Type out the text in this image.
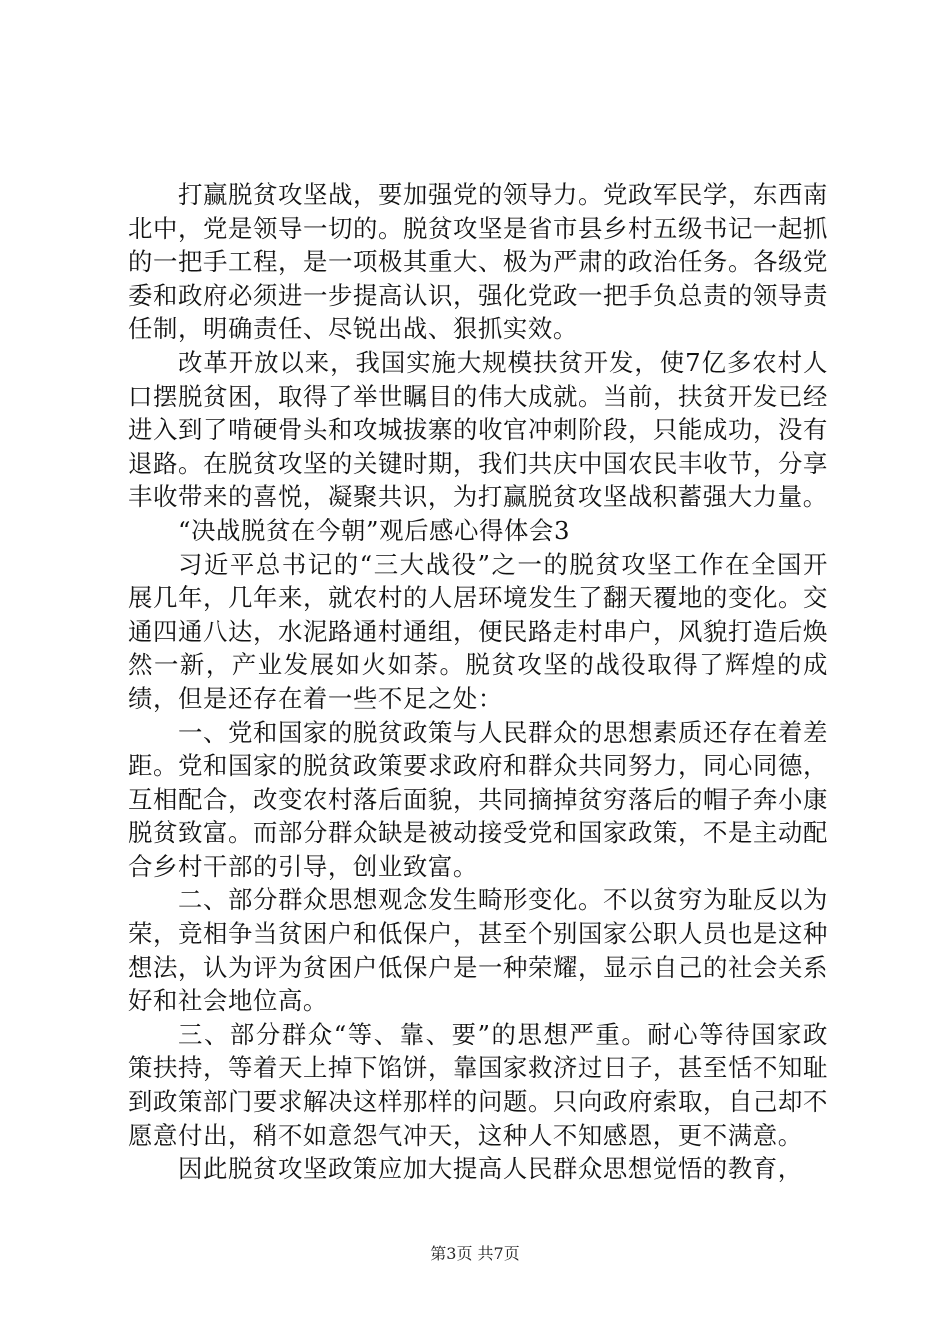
打赢脱贫攻坚战，要加强党的领导力。党政军民学，东西南北中，党是领导一切的。脱贫攻坚是省市县乡村五级书记一起抓的一把手工程，是一项极其重大、极为严肃的政治任务。各级党委和政府必须进一步提高认识，强化党政一把手负总责的领导责任制，明确责任、尽锐出战、狠抓实效。

改革开放以来，我国实施大规模扶贫开发，使7亿多农村人口摆脱贫困，取得了举世瞩目的伟大成就。当前，扶贫开发已经进入到了啃硬骨头和攻城拔寨的收官冲刺阶段，只能成功，没有退路。在脱贫攻坚的关键时期，我们共庆中国农民丰收节，分享丰收带来的喜悦，凝聚共识，为打赢脱贫攻坚战积蓄强大力量。

“决战脱贫在今朝”观后感心得体会3

习近平总书记的“三大战役”之一的脱贫攻坚工作在全国开展几年，几年来，就农村的人居环境发生了翻天覆地的变化。交通四通八达，水泥路通村通组，便民路走村串户，风貌打造后焕然一新，产业发展如火如荼。脱贫攻坚的战役取得了辉煌的成绩，但是还存在着一些不足之处：

一、党和国家的脱贫政策与人民群众的思想素质还存在着差距。党和国家的脱贫政策要求政府和群众共同努力，同心同德，互相配合，改变农村落后面貌，共同摘掉贫穷落后的帽子奔小康脱贫致富。而部分群众缺是被动接受党和国家政策，不是主动配合乡村干部的引导，创业致富。

二、部分群众思想观念发生畸形变化。不以贫穷为耻反以为荣，竞相争当贫困户和低保户，甚至个别国家公职人员也是这种想法，认为评为贫困户低保户是一种荣耀，显示自己的社会关系好和社会地位高。

三、部分群众“等、靠、要”的思想严重。耐心等待国家政策扶持，等着天上掉下馅饼，靠国家救济过日子，甚至恬不知耻到政策部门要求解决这样那样的问题。只向政府索取，自己却不愿意付出，稍不如意怨气冲天，这种人不知感恩，更不满意。

因此脱贫攻坚政策应加大提高人民群众思想觉悟的教育，

第3页 共7页
